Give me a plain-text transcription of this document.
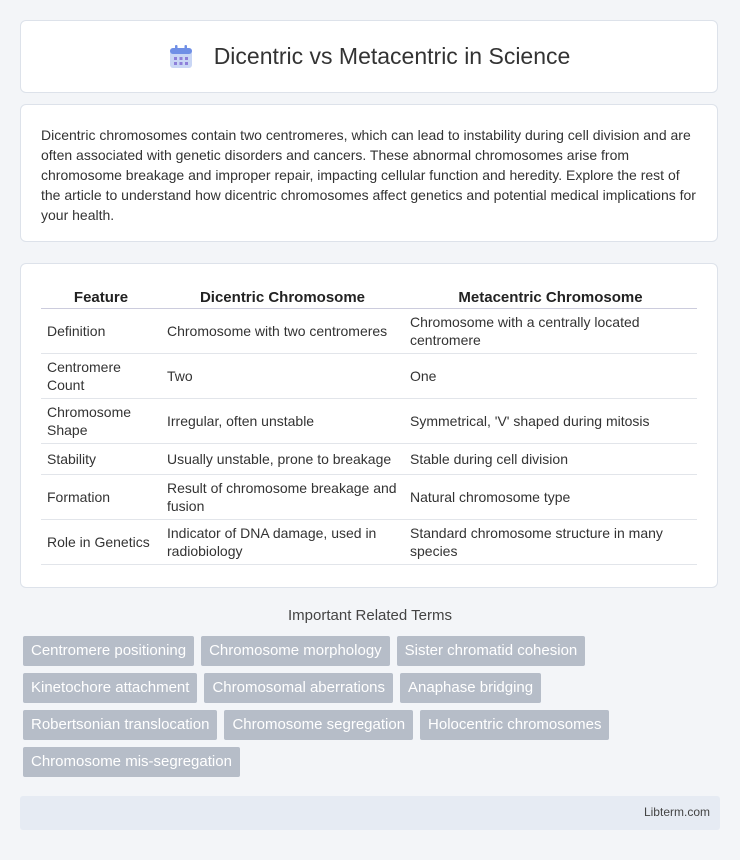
Dicentric vs Metacentric in Science

Dicentric chromosomes contain two centromeres, which can lead to instability during cell division and are often associated with genetic disorders and cancers. These abnormal chromosomes arise from chromosome breakage and improper repair, impacting cellular function and heredity. Explore the rest of the article to understand how dicentric chromosomes affect genetics and potential medical implications for your health.

Feature	Dicentric Chromosome	Metacentric Chromosome
Definition	Chromosome with two centromeres	Chromosome with a centrally located centromere
Centromere Count	Two	One
Chromosome Shape	Irregular, often unstable	Symmetrical, 'V' shaped during mitosis
Stability	Usually unstable, prone to breakage	Stable during cell division
Formation	Result of chromosome breakage and fusion	Natural chromosome type
Role in Genetics	Indicator of DNA damage, used in radiobiology	Standard chromosome structure in many species
Important Related Terms
Centromere positioning	Chromosome morphology	Sister chromatid cohesion
Kinetochore attachment	Chromosomal aberrations	Anaphase bridging
Robertsonian translocation	Chromosome segregation	Holocentric chromosomes
Chromosome mis-segregation
Libterm.com
